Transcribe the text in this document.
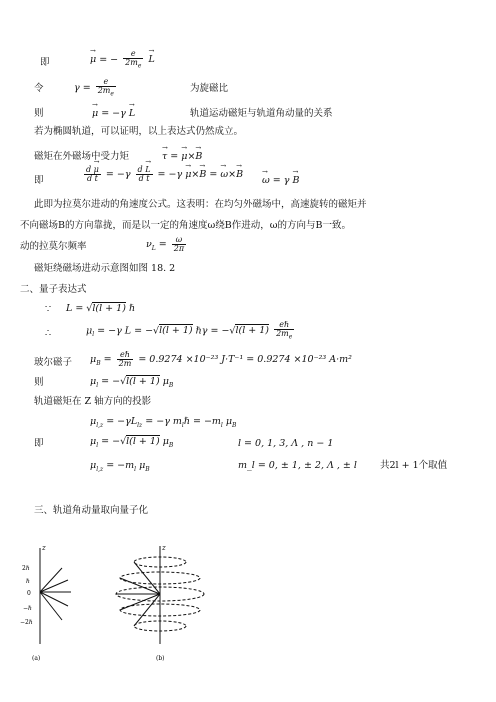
即
→	μ = − $\frac{e}{2m_e}$
→ L
令	$\gamma = \frac{e}{2m_e}$	为旋磁比
则
→	μ = −γ → L	轨道运动磁矩与轨道角动量的关系
若为椭圆轨道，可以证明，以上表达式仍然成立。
磁矩在外磁场中受力矩
→	τ = → μ×→ B
即	$\frac{d \to \mu}{\text{d t}} = -\gamma \frac{d \to L}{\text{d t}} = -\gamma \to \mu\times\to B$ = → ω×→ B
→ ω = γ → B
此即为拉莫尔进动的角速度公式。这表明：在均匀外磁场中，高速旋转的磁矩并
不向磁场B的方向靠拢，而是以一定的角速度ω绕B作进动，ω的方向与B一致。
动的拉莫尔频率	$\nu_L = \frac{\omega}{2\pi}$
磁矩绕磁场进动示意图如图 18. 2
二、量子表达式
∵ L = √l(l + 1) ℏ
∴	$\mu_l = -\gamma$ L = −√l(l + 1) ℏγ = $-√l(l + 1) \frac{\text{eℏ}}{2m_e}$
玻尔磁子 $\mu_B = \frac{\text{eℏ}}{2m} = 0.9274 \times 10^{-23}$ J·T⁻¹ = 0.9274 ×10⁻²³ A·m²
则	$\mu_l = -√l(l + 1)$ $\mu_B$
轨道磁矩在 Z 轴方向的投影
$\mu_{l,z} = -\gamma L_{lz} = -\gamma$ $m_l\hbar = -m_l$ $\mu_B$
即	$\mu_l = -√l(l + 1)$ $\mu_B$	l = 0, 1, 3, Λ , n − 1
$\mu_{l,z} = -m_l$ $\mu_B$	m_l = 0, ± 1, ± 2, Λ , ± l 共2l + 1个取值
三、轨道角动量取向量子化
z
2ℏ
ℏ
0
−ℏ
−2ℏ
(a)
z
(b)
